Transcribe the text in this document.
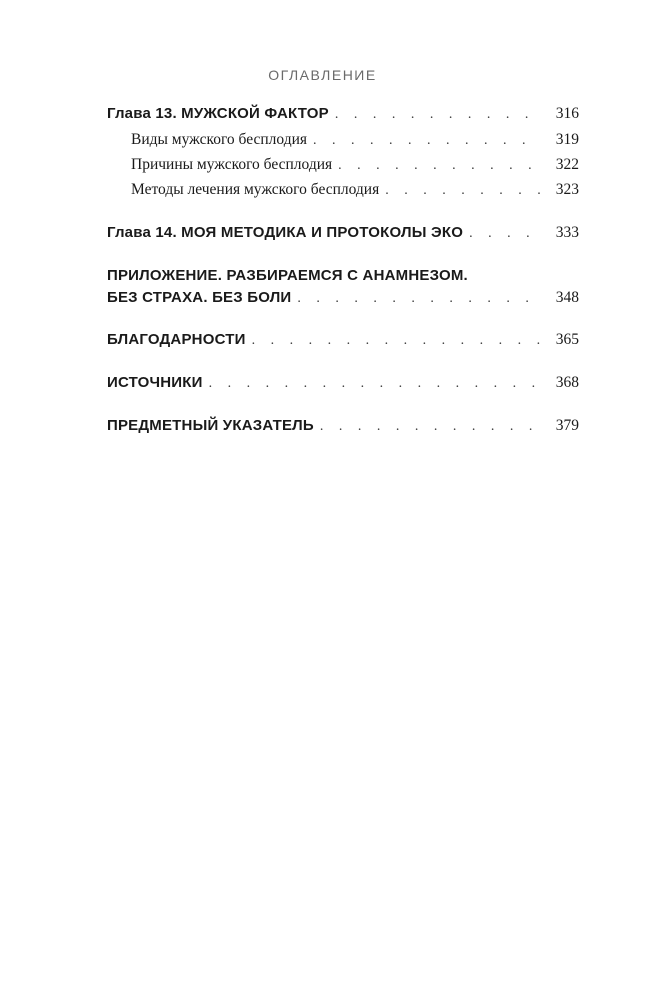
ОГЛАВЛЕНИЕ
Глава 13. МУЖСКОЙ ФАКТОР . . .	316
Виды мужского бесплодия . . .	319
Причины мужского бесплодия . . .	322
Методы лечения мужского бесплодия . . .	323
Глава 14. МОЯ МЕТОДИКА И ПРОТОКОЛЫ ЭКО . . .	333
ПРИЛОЖЕНИЕ. РАЗБИРАЕМСЯ С АНАМНЕЗОМ.
БЕЗ СТРАХА. БЕЗ БОЛИ . . .	348
БЛАГОДАРНОСТИ . . .	365
ИСТОЧНИКИ . . .	368
ПРЕДМЕТНЫЙ УКАЗАТЕЛЬ . . .	379
